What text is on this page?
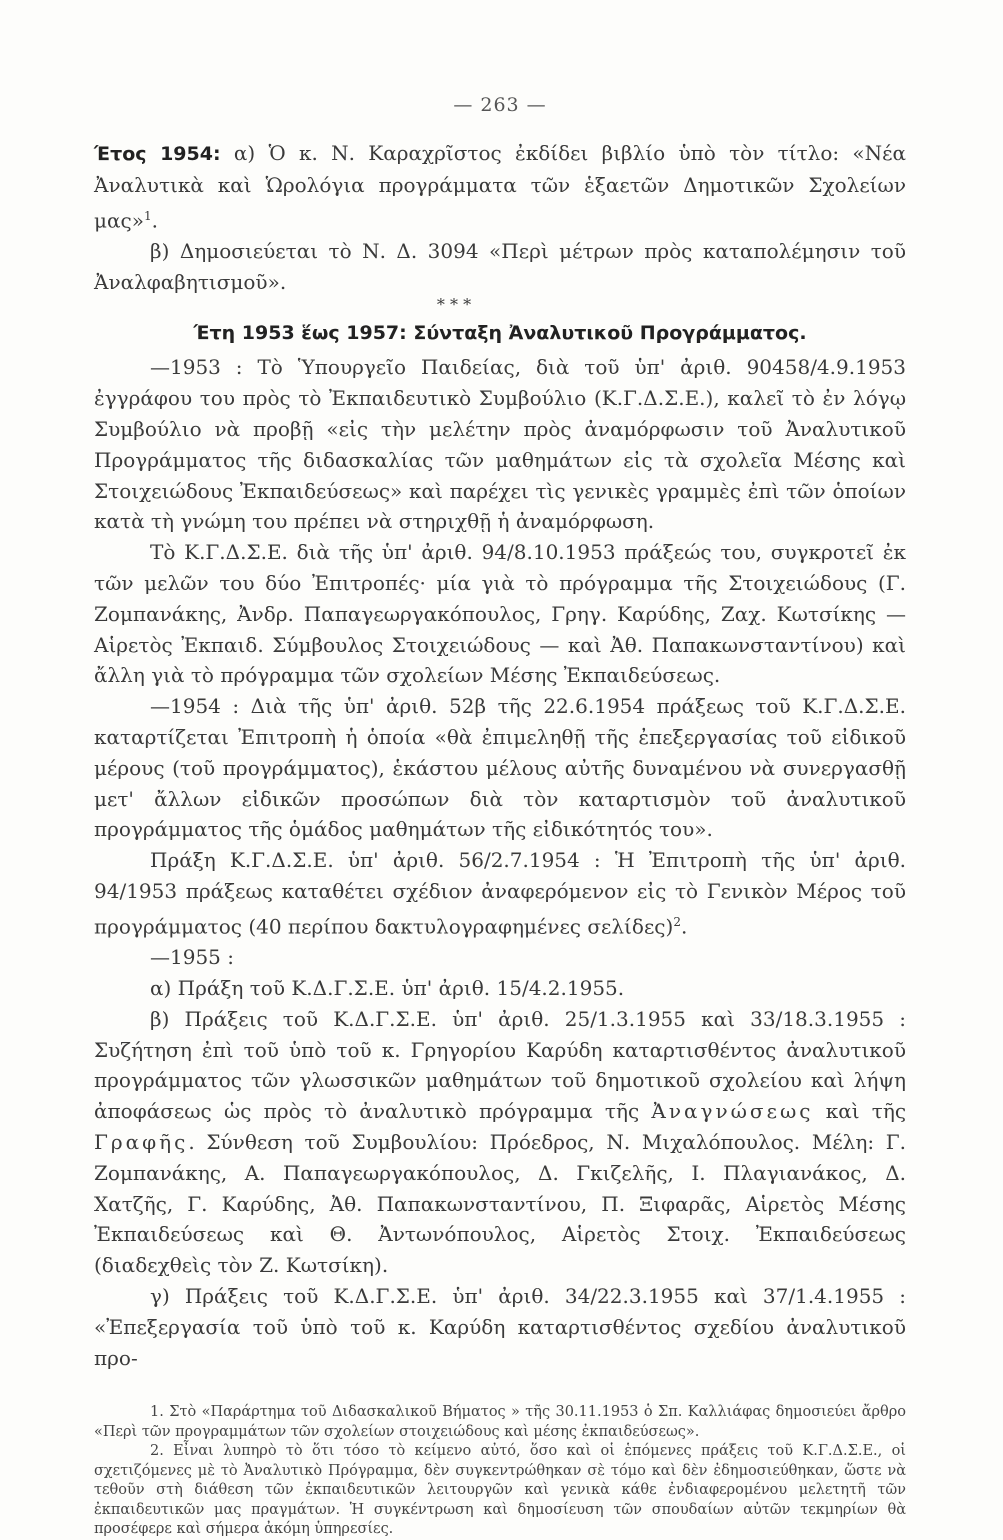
— 263 —

Έτος 1954: α) Ὁ κ. Ν. Καραχρῖστος ἐκδίδει βιβλίο ὑπὸ τὸν τίτλο: «Νέα Ἀναλυτικὰ καὶ Ὡρολόγια προγράμματα τῶν ἑξαετῶν Δημοτικῶν Σχολείων μας»$^1$.

β) Δημοσιεύεται τὸ Ν. Δ. 3094 «Περὶ μέτρων πρὸς καταπολέμησιν τοῦ Ἀναλφαβητισμοῦ».

* * *
Έτη 1953 ἕως 1957: Σύνταξη Ἀναλυτικοῦ Προγράμματος.

—1953 : Τὸ Ὑπουργεῖο Παιδείας, διὰ τοῦ ὑπ' ἀριθ. 90458/4.9.1953 ἐγγράφου του πρὸς τὸ Ἐκπαιδευτικὸ Συμβούλιο (Κ.Γ.Δ.Σ.Ε.), καλεῖ τὸ ἐν λόγῳ Συμβούλιο νὰ προβῇ «εἰς τὴν μελέτην πρὸς ἀναμόρφωσιν τοῦ Ἀναλυτικοῦ Προγράμματος τῆς διδασκαλίας τῶν μαθημάτων εἰς τὰ σχολεῖα Μέσης καὶ Στοιχειώδους Ἐκπαιδεύσεως» καὶ παρέχει τὶς γενικὲς γραμμὲς ἐπὶ τῶν ὁποίων κατὰ τὴ γνώμη του πρέπει νὰ στηριχθῇ ἡ ἀναμόρφωση.

Τὸ Κ.Γ.Δ.Σ.Ε. διὰ τῆς ὑπ' ἀριθ. 94/8.10.1953 πράξεώς του, συγκροτεῖ ἐκ τῶν μελῶν του δύο Ἐπιτροπές· μία γιὰ τὸ πρόγραμμα τῆς Στοιχειώδους (Γ. Ζομπανάκης, Ἀνδρ. Παπαγεωργακόπουλος, Γρηγ. Καρύδης, Ζαχ. Κωτσίκης — Αἱρετὸς Ἐκπαιδ. Σύμβουλος Στοιχειώδους — καὶ Ἀθ. Παπακωνσταντίνου) καὶ ἄλλη γιὰ τὸ πρόγραμμα τῶν σχολείων Μέσης Ἐκπαιδεύσεως.

—1954 : Διὰ τῆς ὑπ' ἀριθ. 52β τῆς 22.6.1954 πράξεως τοῦ Κ.Γ.Δ.Σ.Ε. καταρτίζεται Ἐπιτροπὴ ἡ ὁποία «θὰ ἐπιμεληθῇ τῆς ἐπεξεργασίας τοῦ εἰδικοῦ μέρους (τοῦ προγράμματος), ἑκάστου μέλους αὐτῆς δυναμένου νὰ συνεργασθῇ μετ' ἄλλων εἰδικῶν προσώπων διὰ τὸν καταρτισμὸν τοῦ ἀναλυτικοῦ προγράμματος τῆς ὁμάδος μαθημάτων τῆς εἰδικότητός του».

Πράξη Κ.Γ.Δ.Σ.Ε. ὑπ' ἀριθ. 56/2.7.1954 : Ἡ Ἐπιτροπὴ τῆς ὑπ' ἀριθ. 94/1953 πράξεως καταθέτει σχέδιον ἀναφερόμενον εἰς τὸ Γενικὸν Μέρος τοῦ προγράμματος (40 περίπου δακτυλογραφημένες σελίδες)$^2$.

—1955 :

α) Πράξη τοῦ Κ.Δ.Γ.Σ.Ε. ὑπ' ἀριθ. 15/4.2.1955.

β) Πράξεις τοῦ Κ.Δ.Γ.Σ.Ε. ὑπ' ἀριθ. 25/1.3.1955 καὶ 33/18.3.1955 : Συζήτηση ἐπὶ τοῦ ὑπὸ τοῦ κ. Γρηγορίου Καρύδη καταρτισθέντος ἀναλυτικοῦ προγράμματος τῶν γλωσσικῶν μαθημάτων τοῦ δημοτικοῦ σχολείου καὶ λήψη ἀποφάσεως ὡς πρὸς τὸ ἀναλυτικὸ πρόγραμμα τῆς Ἀναγνώσεως καὶ τῆς Γραφῆς. Σύνθεση τοῦ Συμβουλίου: Πρόεδρος, Ν. Μιχαλόπουλος. Μέλη: Γ. Ζομπανάκης, Α. Παπαγεωργακόπουλος, Δ. Γκιζελῆς, Ι. Πλαγιανάκος, Δ. Χατζῆς, Γ. Καρύδης, Ἀθ. Παπακωνσταντίνου, Π. Ξιφαρᾶς, Αἱρετὸς Μέσης Ἐκπαιδεύσεως καὶ Θ. Ἀντωνόπουλος, Αἱρετὸς Στοιχ. Ἐκπαιδεύσεως (διαδεχθεὶς τὸν Ζ. Κωτσίκη).

γ) Πράξεις τοῦ Κ.Δ.Γ.Σ.Ε. ὑπ' ἀριθ. 34/22.3.1955 καὶ 37/1.4.1955 : «Ἐπεξεργασία τοῦ ὑπὸ τοῦ κ. Καρύδη καταρτισθέντος σχεδίου ἀναλυτικοῦ προ-

1. Στὸ «Παράρτημα τοῦ Διδασκαλικοῦ Βήματος » τῆς 30.11.1953 ὁ Σπ. Καλλιάφας δημοσιεύει ἄρθρο «Περὶ τῶν προγραμμάτων τῶν σχολείων στοιχειώδους καὶ μέσης ἐκπαιδεύσεως».

2. Εἶναι λυπηρὸ τὸ ὅτι τόσο τὸ κείμενο αὐτό, ὅσο καὶ οἱ ἑπόμενες πράξεις τοῦ Κ.Γ.Δ.Σ.Ε., οἱ σχετιζόμενες μὲ τὸ Ἀναλυτικὸ Πρόγραμμα, δὲν συγκεντρώθηκαν σὲ τόμο καὶ δὲν ἐδημοσιεύθηκαν, ὥστε νὰ τεθοῦν στὴ διάθεση τῶν ἐκπαιδευτικῶν λειτουργῶν καὶ γενικὰ κάθε ἐνδιαφερομένου μελετητῆ τῶν ἐκπαιδευτικῶν μας πραγμάτων. Ἡ συγκέντρωση καὶ δημοσίευση τῶν σπουδαίων αὐτῶν τεκμηρίων θὰ προσέφερε καὶ σήμερα ἀκόμη ὑπηρεσίες.
